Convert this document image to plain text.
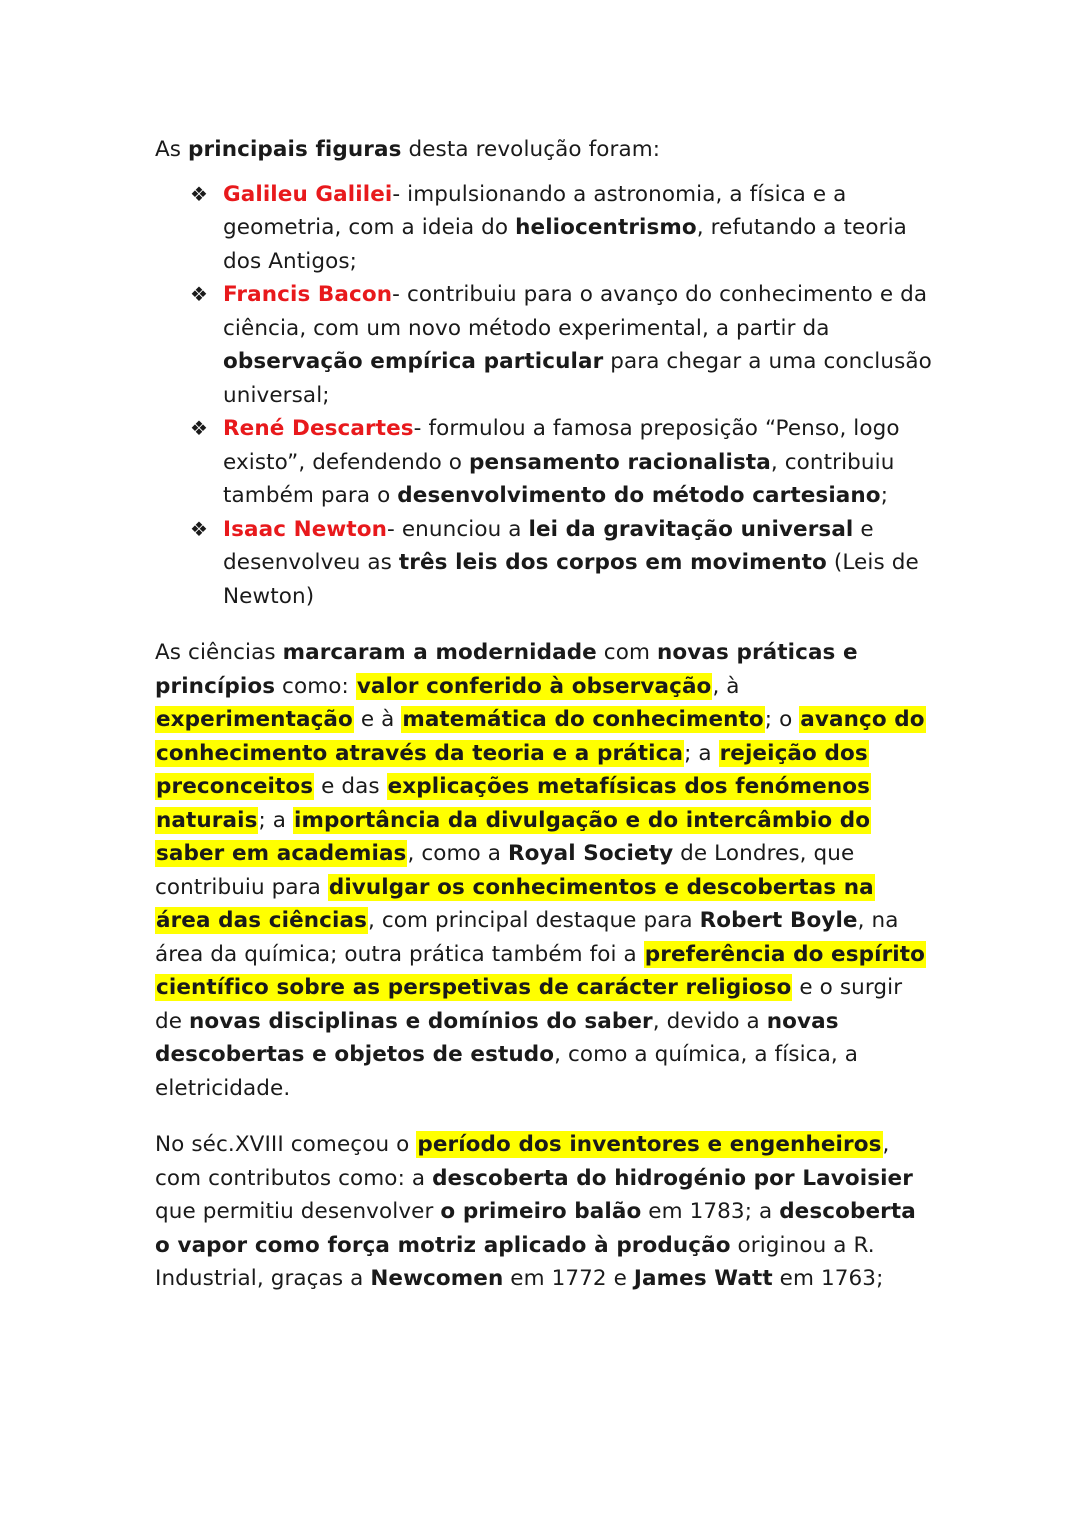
As principais figuras desta revolução foram:

❖ Galileu Galilei- impulsionando a astronomia, a física e a geometria, com a ideia do heliocentrismo, refutando a teoria dos Antigos;
❖ Francis Bacon- contribuiu para o avanço do conhecimento e da ciência, com um novo método experimental, a partir da observação empírica particular para chegar a uma conclusão universal;
❖ René Descartes- formulou a famosa preposição “Penso, logo existo”, defendendo o pensamento racionalista, contribuiu também para o desenvolvimento do método cartesiano;
❖ Isaac Newton- enunciou a lei da gravitação universal e desenvolveu as três leis dos corpos em movimento (Leis de Newton)

As ciências marcaram a modernidade com novas práticas e princípios como: valor conferido à observação, à experimentação e à matemática do conhecimento; o avanço do conhecimento através da teoria e a prática; a rejeição dos preconceitos e das explicações metafísicas dos fenómenos naturais; a importância da divulgação e do intercâmbio do saber em academias, como a Royal Society de Londres, que contribuiu para divulgar os conhecimentos e descobertas na área das ciências, com principal destaque para Robert Boyle, na área da química; outra prática também foi a preferência do espírito científico sobre as perspetivas de carácter religioso e o surgir de novas disciplinas e domínios do saber, devido a novas descobertas e objetos de estudo, como a química, a física, a eletricidade.

No séc.XVIII começou o período dos inventores e engenheiros, com contributos como: a descoberta do hidrogénio por Lavoisier que permitiu desenvolver o primeiro balão em 1783; a descoberta o vapor como força motriz aplicado à produção originou a R. Industrial, graças a Newcomen em 1772 e James Watt em 1763;
